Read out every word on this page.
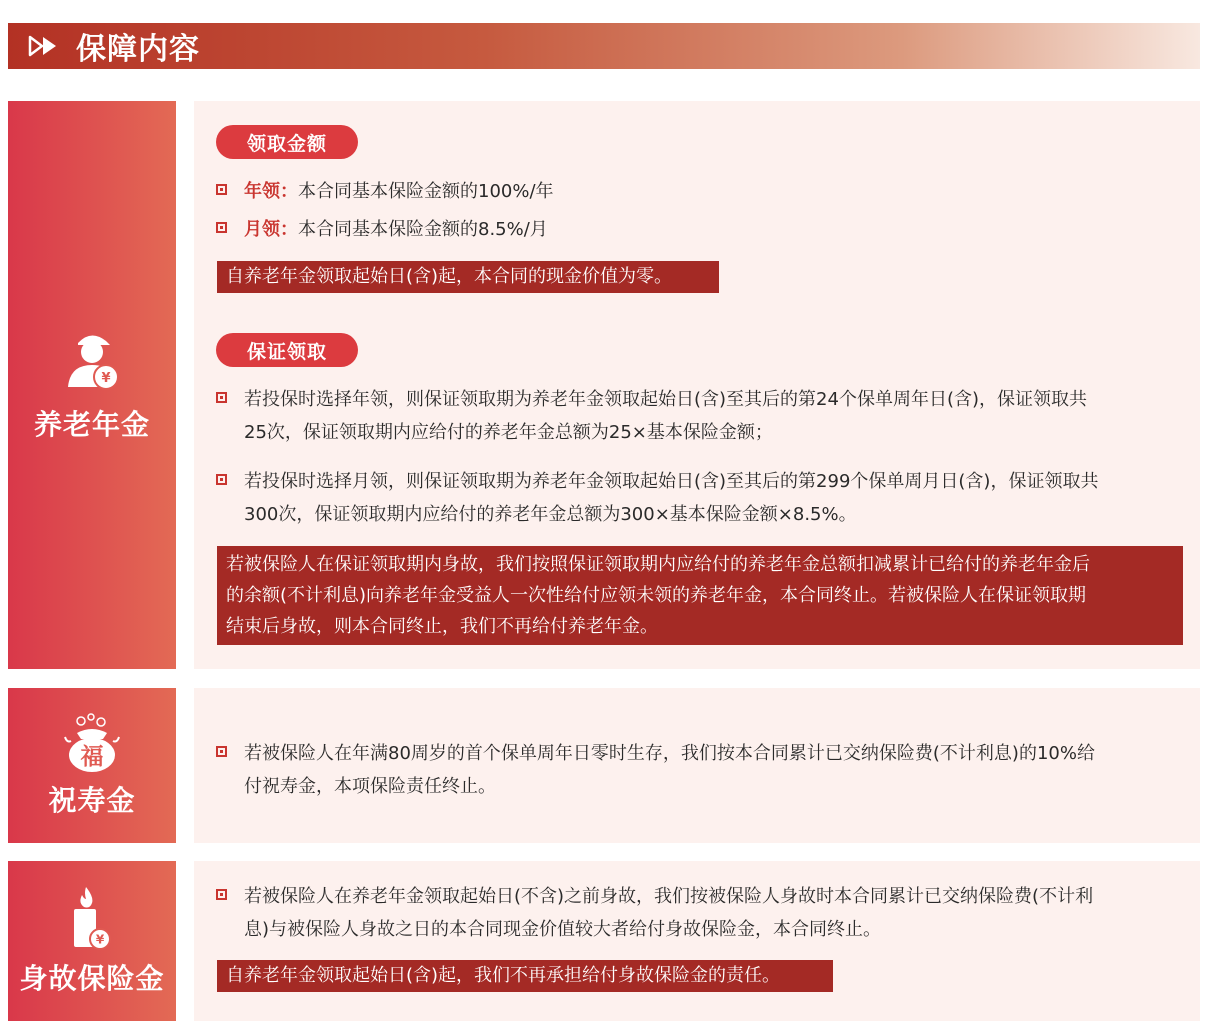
保障内容
¥
养老年金
领取金额
年领：本合同基本保险金额的100%/年
月领：本合同基本保险金额的8.5%/月
自养老年金领取起始日(含)起，本合同的现金价值为零。
保证领取
若投保时选择年领，则保证领取期为养老年金领取起始日(含)至其后的第24个保单周年日(含)，保证领取共
25次，保证领取期内应给付的养老年金总额为25×基本保险金额；
若投保时选择月领，则保证领取期为养老年金领取起始日(含)至其后的第299个保单周月日(含)，保证领取共
300次，保证领取期内应给付的养老年金总额为300×基本保险金额×8.5%。
若被保险人在保证领取期内身故，我们按照保证领取期内应给付的养老年金总额扣减累计已给付的养老年金后
的余额(不计利息)向养老年金受益人一次性给付应领未领的养老年金，本合同终止。若被保险人在保证领取期
结束后身故，则本合同终止，我们不再给付养老年金。
福
祝寿金
若被保险人在年满80周岁的首个保单周年日零时生存，我们按本合同累计已交纳保险费(不计利息)的10%给
付祝寿金，本项保险责任终止。
¥
身故保险金
若被保险人在养老年金领取起始日(不含)之前身故，我们按被保险人身故时本合同累计已交纳保险费(不计利
息)与被保险人身故之日的本合同现金价值较大者给付身故保险金，本合同终止。
自养老年金领取起始日(含)起，我们不再承担给付身故保险金的责任。
